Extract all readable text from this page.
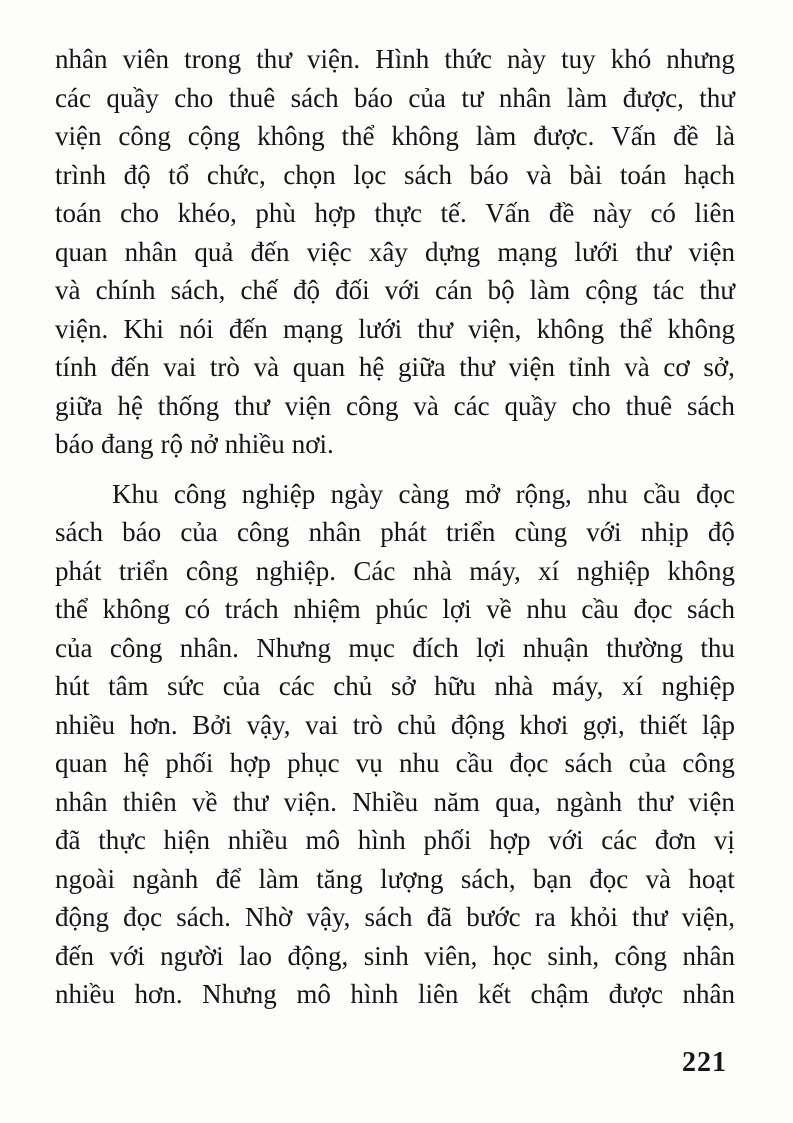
nhân viên trong thư viện. Hình thức này tuy khó nhưng
các quầy cho thuê sách báo của tư nhân làm được, thư
viện công cộng không thể không làm được. Vấn đề là
trình độ tổ chức, chọn lọc sách báo và bài toán hạch
toán cho khéo, phù hợp thực tế. Vấn đề này có liên
quan nhân quả đến việc xây dựng mạng lưới thư viện
và chính sách, chế độ đối với cán bộ làm cộng tác thư
viện. Khi nói đến mạng lưới thư viện, không thể không
tính đến vai trò và quan hệ giữa thư viện tỉnh và cơ sở,
giữa hệ thống thư viện công và các quầy cho thuê sách
báo đang rộ nở nhiều nơi.
Khu công nghiệp ngày càng mở rộng, nhu cầu đọc
sách báo của công nhân phát triển cùng với nhịp độ
phát triển công nghiệp. Các nhà máy, xí nghiệp không
thể không có trách nhiệm phúc lợi về nhu cầu đọc sách
của công nhân. Nhưng mục đích lợi nhuận thường thu
hút tâm sức của các chủ sở hữu nhà máy, xí nghiệp
nhiều hơn. Bởi vậy, vai trò chủ động khơi gợi, thiết lập
quan hệ phối hợp phục vụ nhu cầu đọc sách của công
nhân thiên về thư viện. Nhiều năm qua, ngành thư viện
đã thực hiện nhiều mô hình phối hợp với các đơn vị
ngoài ngành để làm tăng lượng sách, bạn đọc và hoạt
động đọc sách. Nhờ vậy, sách đã bước ra khỏi thư viện,
đến với người lao động, sinh viên, học sinh, công nhân
nhiều hơn. Nhưng mô hình liên kết chậm được nhân
221
